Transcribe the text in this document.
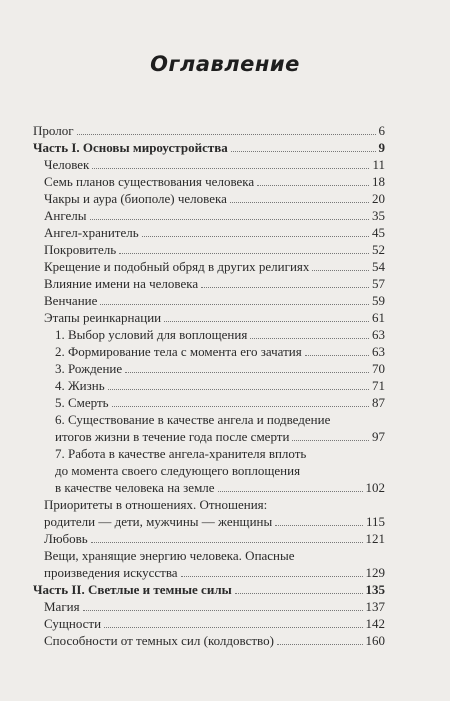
Оглавление
Пролог	6
Часть I. Основы мироустройства	9
Человек	11
Семь планов существования человека	18
Чакры и аура (биополе) человека	20
Ангелы	35
Ангел-хранитель	45
Покровитель	52
Крещение и подобный обряд в других религиях	54
Влияние имени на человека	57
Венчание	59
Этапы реинкарнации	61
1. Выбор условий для воплощения	63
2. Формирование тела с момента его зачатия	63
3. Рождение	70
4. Жизнь	71
5. Смерть	87
6. Существование в качестве ангела и подведение
итогов жизни в течение года после смерти	97
7. Работа в качестве ангела-хранителя вплоть
до момента своего следующего воплощения
в качестве человека на земле	102
Приоритеты в отношениях. Отношения:
родители — дети, мужчины — женщины	115
Любовь	121
Вещи, хранящие энергию человека. Опасные
произведения искусства	129
Часть II. Светлые и темные силы	135
Магия	137
Сущности	142
Способности от темных сил (колдовство)	160
